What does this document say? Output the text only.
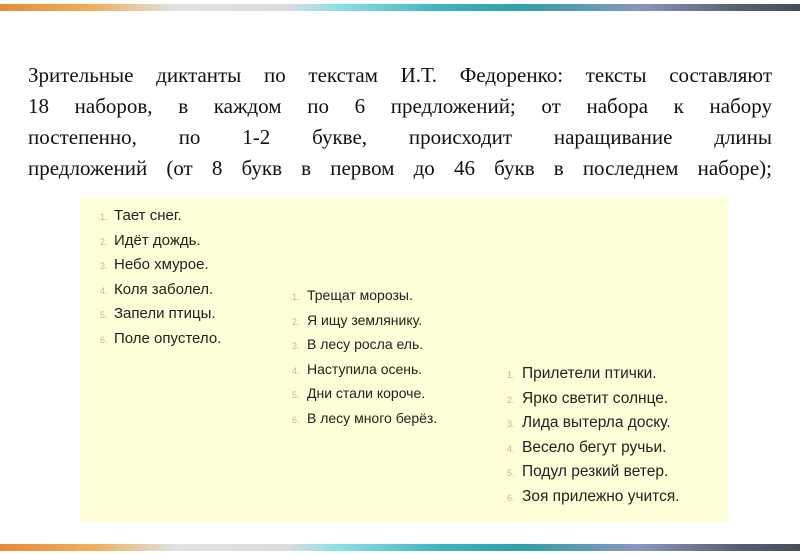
Зрительные диктанты по текстам И.Т. Федоренко: тексты составляют
18 наборов, в каждом по 6 предложений; от набора к набору
постепенно, по 1-2 букве, происходит наращивание длины
предложений (от 8 букв в первом до 46 букв в последнем наборе);
1. Тает снег.
2. Идёт дождь.
3. Небо хмурое.
4. Коля заболел.
5. Запели птицы.
6. Поле опустело.
1. Трещат морозы.
2. Я ищу землянику.
3. В лесу росла ель.
4. Наступила осень.
5. Дни стали короче.
6. В лесу много берёз.
1. Прилетели птички.
2. Ярко светит солнце.
3. Лида вытерла доску.
4. Весело бегут ручьи.
5. Подул резкий ветер.
6. Зоя прилежно учится.
